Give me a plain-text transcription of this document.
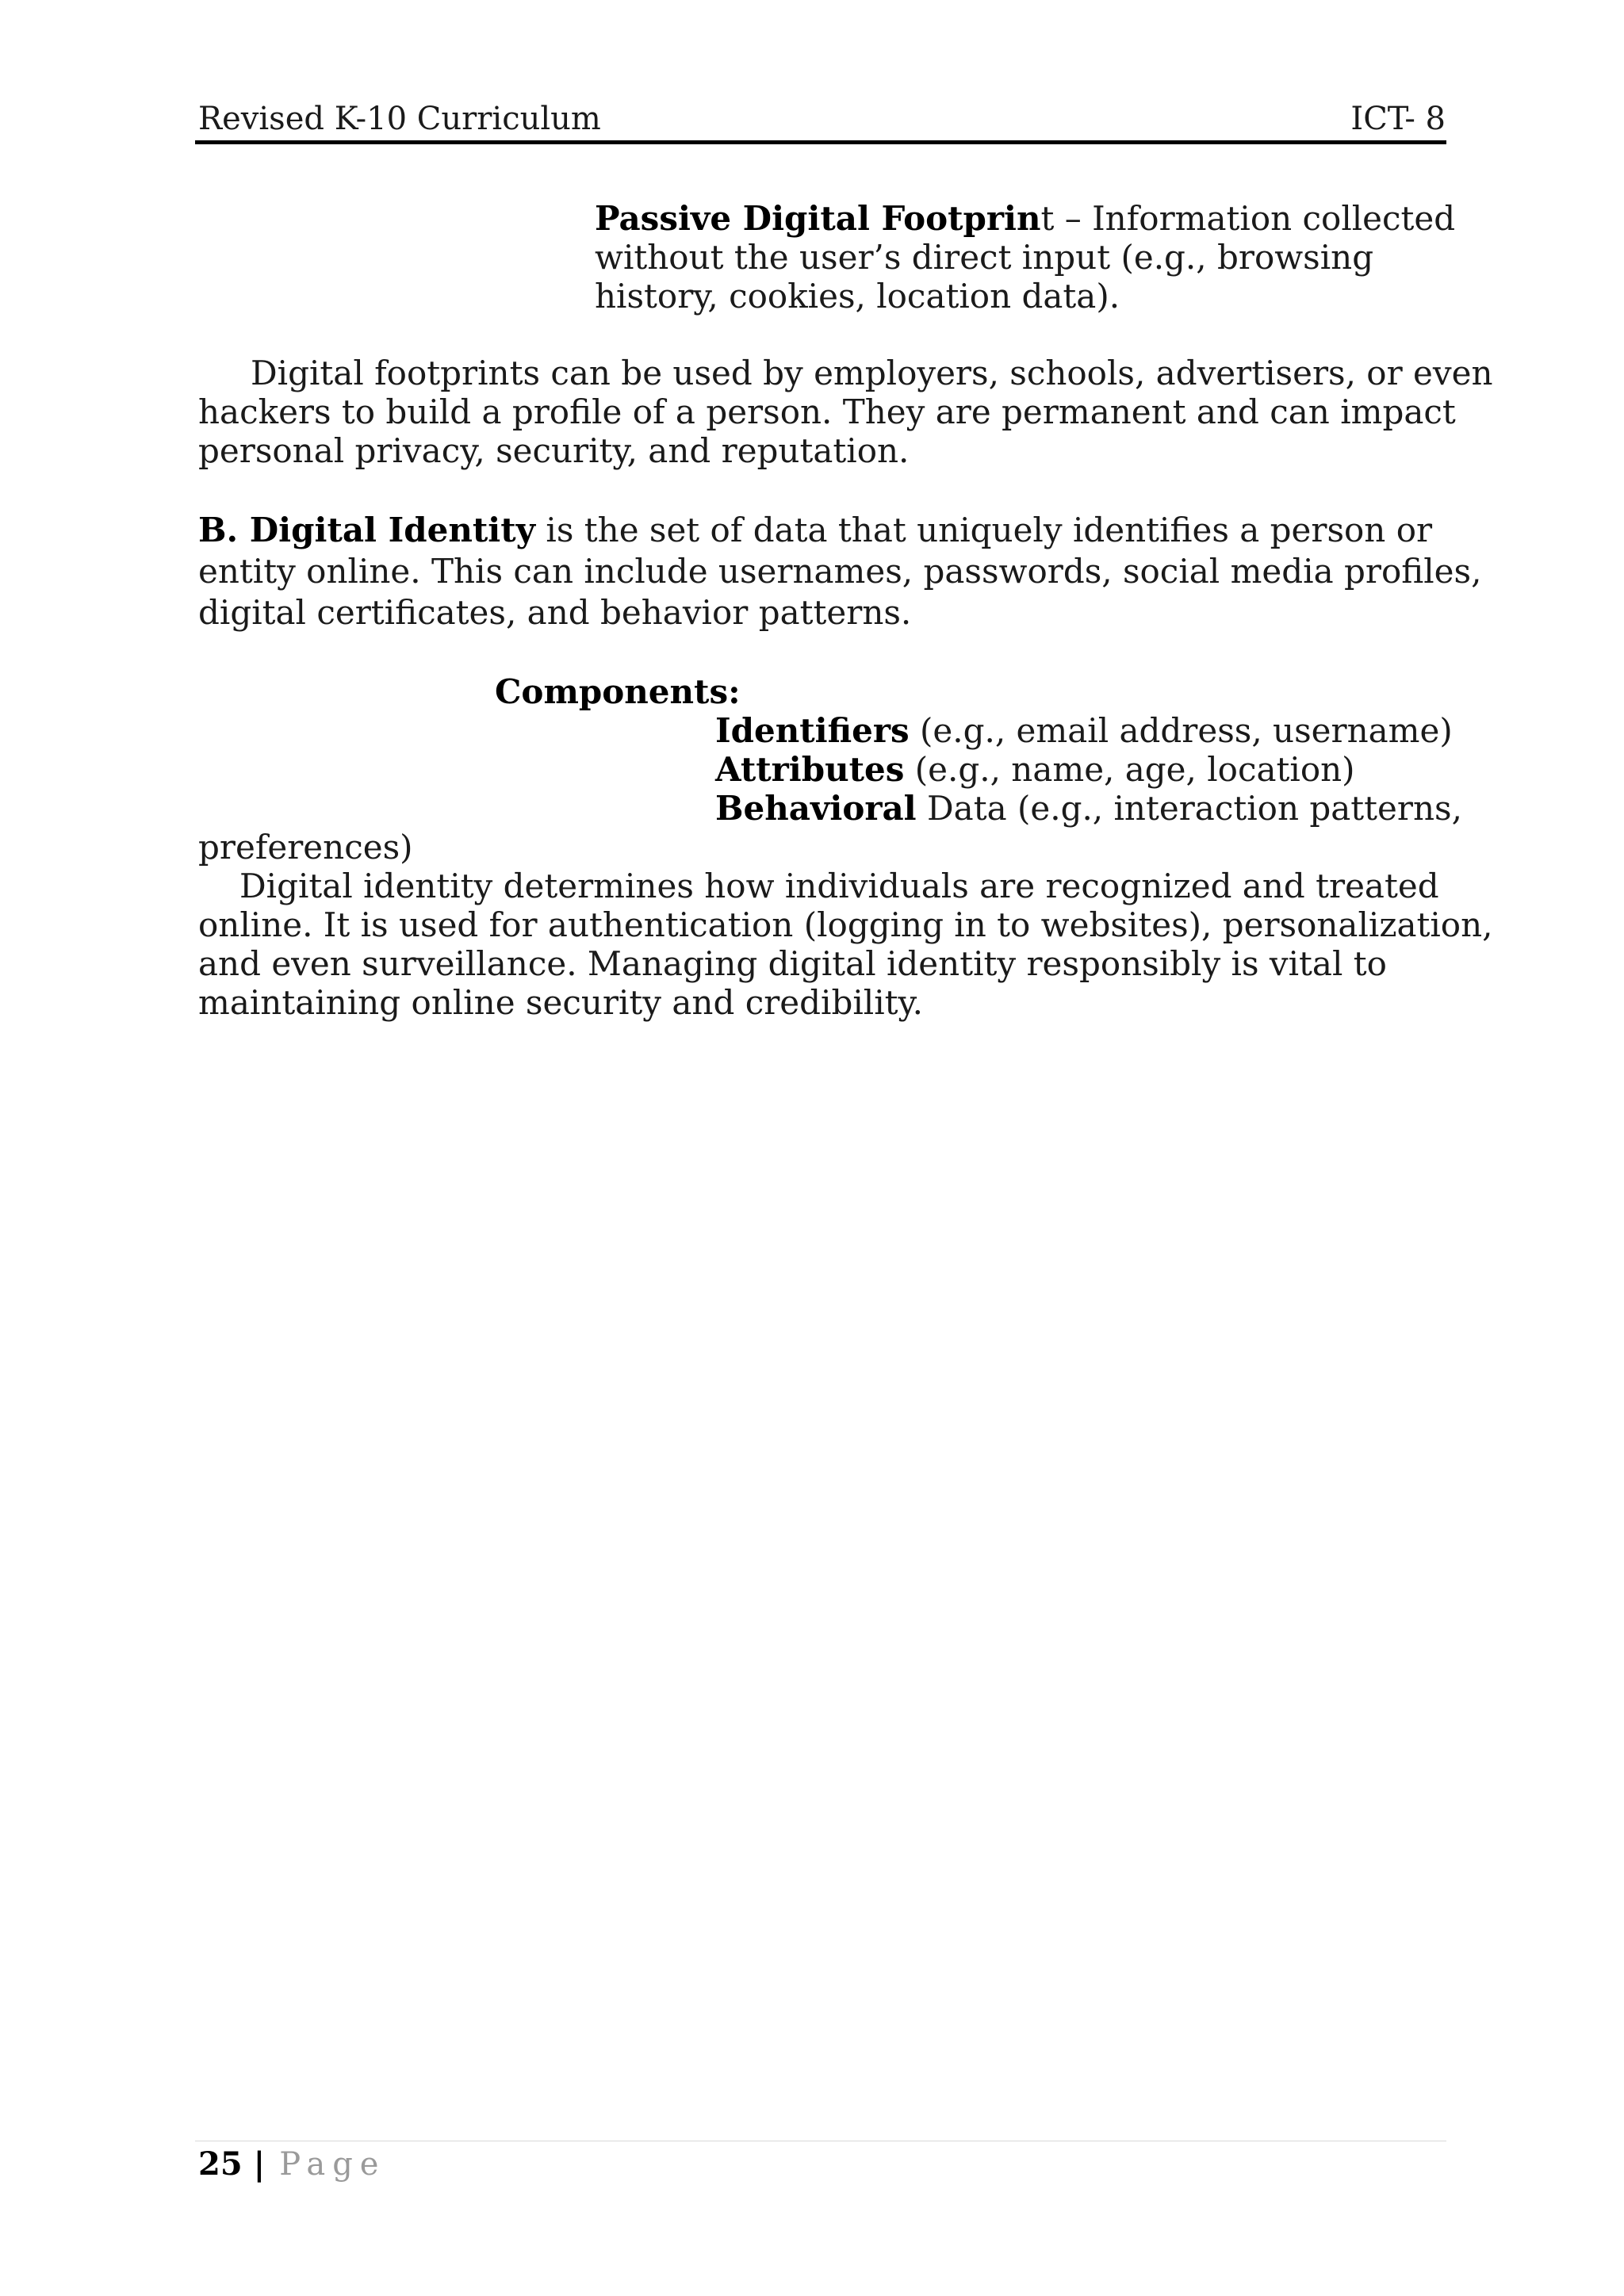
Revised K-10 Curriculum	ICT- 8

Passive Digital Footprint – Information collected

without the user’s direct input (e.g., browsing

history, cookies, location data).

Digital footprints can be used by employers, schools, advertisers, or even

hackers to build a profile of a person. They are permanent and can impact

personal privacy, security, and reputation.

B. Digital Identity is the set of data that uniquely identifies a person or

entity online. This can include usernames, passwords, social media profiles,

digital certificates, and behavior patterns.

Components:

Identifiers (e.g., email address, username)

Attributes (e.g., name, age, location)

Behavioral Data (e.g., interaction patterns,

preferences)

Digital identity determines how individuals are recognized and treated

online. It is used for authentication (logging in to websites), personalization,

and even surveillance. Managing digital identity responsibly is vital to

maintaining online security and credibility.

25 | Page
